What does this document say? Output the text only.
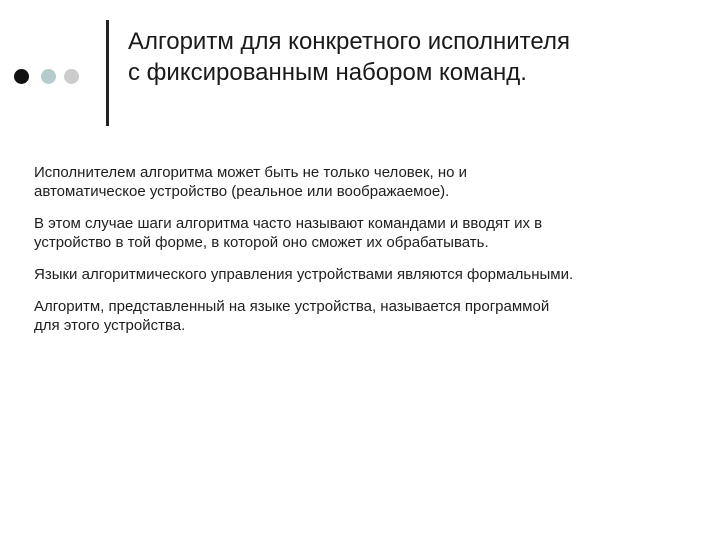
Алгоритм для конкретного исполнителя
с фиксированным набором команд.

Исполнителем алгоритма может быть не только человек, но и
автоматическое устройство (реальное или воображаемое).

В этом случае шаги алгоритма часто называют командами и вводят их в
устройство в той форме, в которой оно сможет их обрабатывать.

Языки алгоритмического управления устройствами являются формальными.

Алгоритм, представленный на языке устройства, называется программой
для этого устройства.
